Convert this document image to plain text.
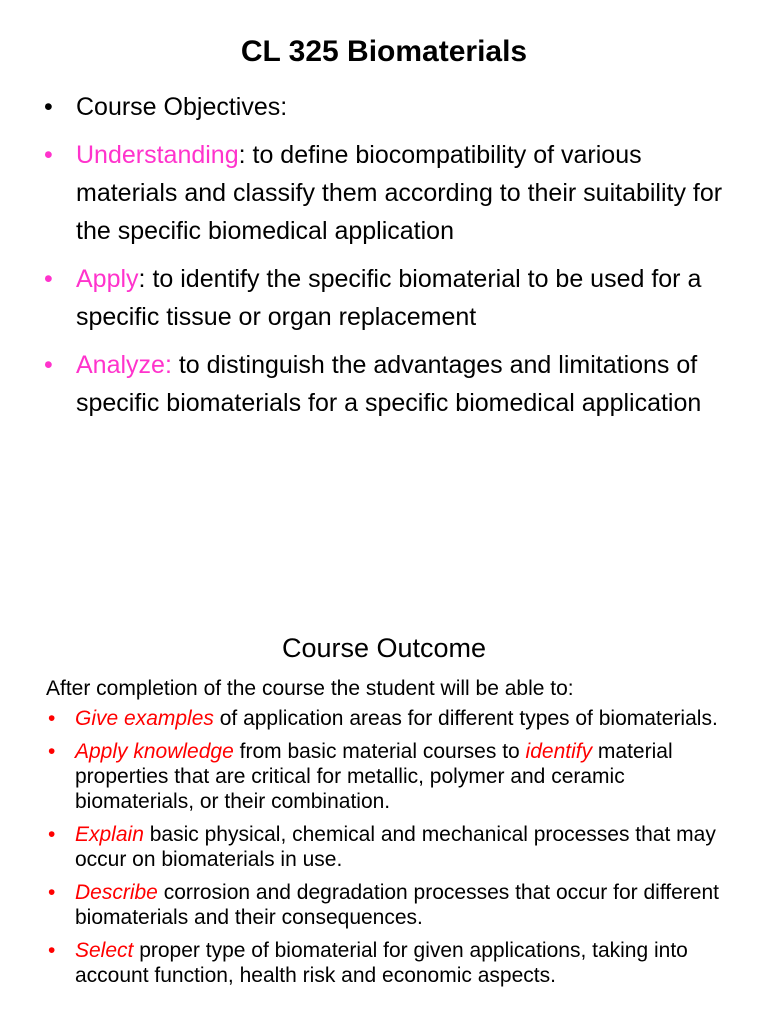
CL 325 Biomaterials
• Course Objectives:
• Understanding: to define biocompatibility of various materials and classify them according to their suitability for the specific biomedical application
• Apply: to identify the specific biomaterial to be used for a specific tissue or organ replacement
• Analyze: to distinguish the advantages and limitations of specific biomaterials for a specific biomedical application
Course Outcome
After completion of the course the student will be able to:
• Give examples of application areas for different types of biomaterials.
• Apply knowledge from basic material courses to identify material properties that are critical for metallic, polymer and ceramic biomaterials, or their combination.
• Explain basic physical, chemical and mechanical processes that may occur on biomaterials in use.
• Describe corrosion and degradation processes that occur for different biomaterials and their consequences.
• Select proper type of biomaterial for given applications, taking into account function, health risk and economic aspects.
